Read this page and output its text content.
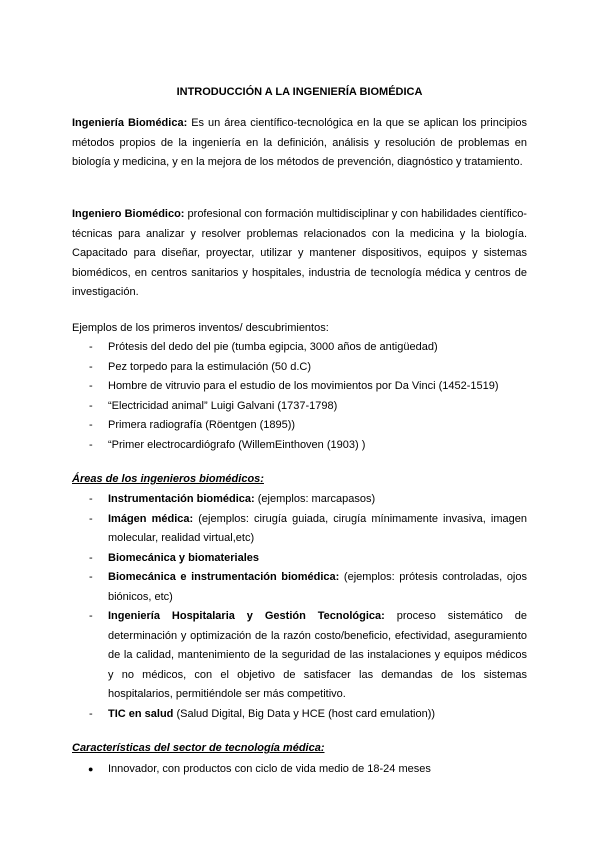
INTRODUCCIÓN A LA INGENIERÍA BIOMÉDICA

Ingeniería Biomédica: Es un área científico-tecnológica en la que se aplican los principios métodos propios de la ingeniería en la definición, análisis y resolución de problemas en biología y medicina, y en la mejora de los métodos de prevención, diagnóstico y tratamiento.

Ingeniero Biomédico: profesional con formación multidisciplinar y con habilidades científico-técnicas para analizar y resolver problemas relacionados con la medicina y la biología. Capacitado para diseñar, proyectar, utilizar y mantener dispositivos, equipos y sistemas biomédicos, en centros sanitarios y hospitales, industria de tecnología médica y centros de investigación.

Ejemplos de los primeros inventos/ descubrimientos:
- Prótesis del dedo del pie (tumba egipcia, 3000 años de antigüedad)
- Pez torpedo para la estimulación (50 d.C)
- Hombre de vitruvio para el estudio de los movimientos por Da Vinci (1452-1519)
- “Electricidad animal” Luigi Galvani (1737-1798)
- Primera radiografía (Röentgen (1895))
- “Primer electrocardiógrafo (WillemEinthoven (1903) )
Áreas de los ingenieros biomédicos:
- Instrumentación biomédica: (ejemplos: marcapasos)
- Imágen médica: (ejemplos: cirugía guiada, cirugía mínimamente invasiva, imagen molecular, realidad virtual,etc)
- Biomecánica y biomateriales
- Biomecánica e instrumentación biomédica: (ejemplos: prótesis controladas, ojos biónicos, etc)
- Ingeniería Hospitalaria y Gestión Tecnológica: proceso sistemático de determinación y optimización de la razón costo/beneficio, efectividad, aseguramiento de la calidad, mantenimiento de la seguridad de las instalaciones y equipos médicos y no médicos, con el objetivo de satisfacer las demandas de los sistemas hospitalarios, permitiéndole ser más competitivo.
- TIC en salud (Salud Digital, Big Data y HCE (host card emulation))
Características del sector de tecnología médica:
● Innovador, con productos con ciclo de vida medio de 18-24 meses
